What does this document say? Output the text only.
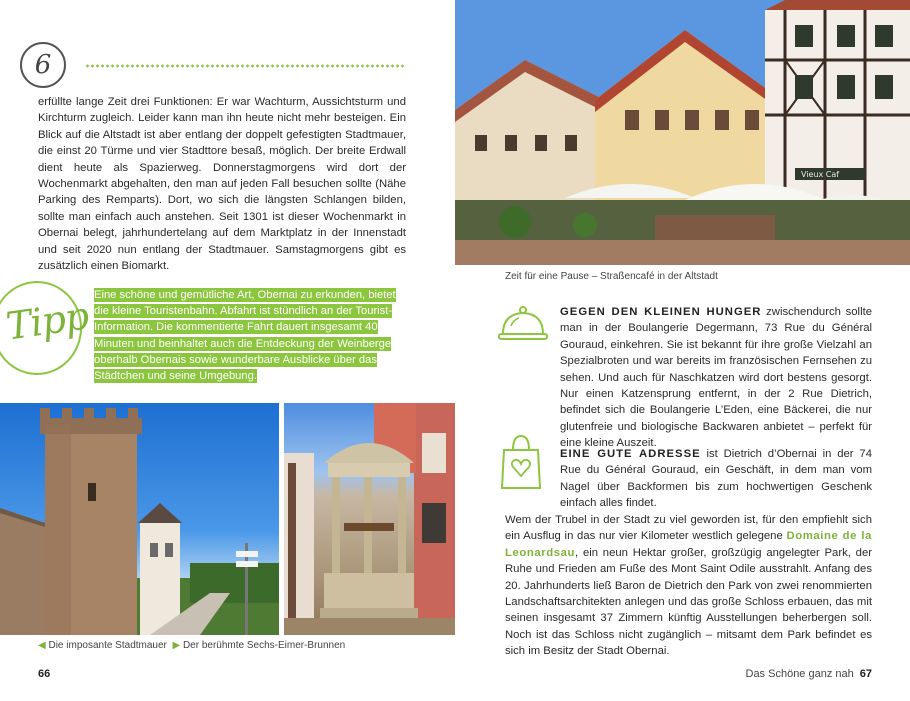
6

erfüllte lange Zeit drei Funktionen: Er war Wachturm, Aussichtsturm und Kirchturm zugleich. Leider kann man ihn heute nicht mehr besteigen. Ein Blick auf die Altstadt ist aber entlang der doppelt gefestigten Stadtmauer, die einst 20 Türme und vier Stadttore besaß, möglich. Der breite Erdwall dient heute als Spazierweg. Donnerstagmorgens wird dort der Wochenmarkt abgehalten, den man auf jeden Fall besuchen sollte (Nähe Parking des Remparts). Dort, wo sich die längsten Schlangen bilden, sollte man einfach auch anstehen. Seit 1301 ist dieser Wochenmarkt in Obernai belegt, jahrhundertelang auf dem Marktplatz in der Innenstadt und seit 2020 nun entlang der Stadtmauer. Samstagmorgens gibt es zusätzlich einen Biomarkt.

Tipp Eine schöne und gemütliche Art, Obernai zu erkunden, bietet die kleine Touristenbahn. Abfahrt ist stündlich an der Tourist-Information. Die kommentierte Fahrt dauert insgesamt 40 Minuten und beinhaltet auch die Entdeckung der Weinberge oberhalb Obernais sowie wunderbare Ausblicke über das Städtchen und seine Umgebung.

◀ Die imposante Stadtmauer ▶ Der berühmte Sechs-Eimer-Brunnen
66
Vieux Caf
Zeit für eine Pause – Straßencafé in der Altstadt

GEGEN DEN KLEINEN HUNGER zwischendurch sollte man in der Boulangerie Degermann, 73 Rue du Général Gouraud, einkehren. Sie ist bekannt für ihre große Vielzahl an Spezialbroten und war bereits im französischen Fernsehen zu sehen. Und auch für Naschkatzen wird dort bestens gesorgt. Nur einen Katzensprung entfernt, in der 2 Rue Dietrich, befindet sich die Boulangerie L’Eden, eine Bäckerei, die nur glutenfreie und biologische Backwaren anbietet – perfekt für eine kleine Auszeit.

EINE GUTE ADRESSE ist Dietrich d’Obernai in der 74 Rue du Général Gouraud, ein Geschäft, in dem man vom Nagel über Backformen bis zum hochwertigen Geschenk einfach alles findet.

Wem der Trubel in der Stadt zu viel geworden ist, für den empfiehlt sich ein Ausflug in das nur vier Kilometer westlich gelegene Domaine de la Leonardsau, ein neun Hektar großer, großzügig angelegter Park, der Ruhe und Frieden am Fuße des Mont Saint Odile ausstrahlt. Anfang des 20. Jahrhunderts ließ Baron de Dietrich den Park von zwei renommierten Landschaftsarchitekten anlegen und das große Schloss erbauen, das mit seinen insgesamt 37 Zimmern künftig Ausstellungen beherbergen soll. Noch ist das Schloss nicht zugänglich – mitsamt dem Park befindet es sich im Besitz der Stadt Obernai.

Das Schöne ganz nah 67
